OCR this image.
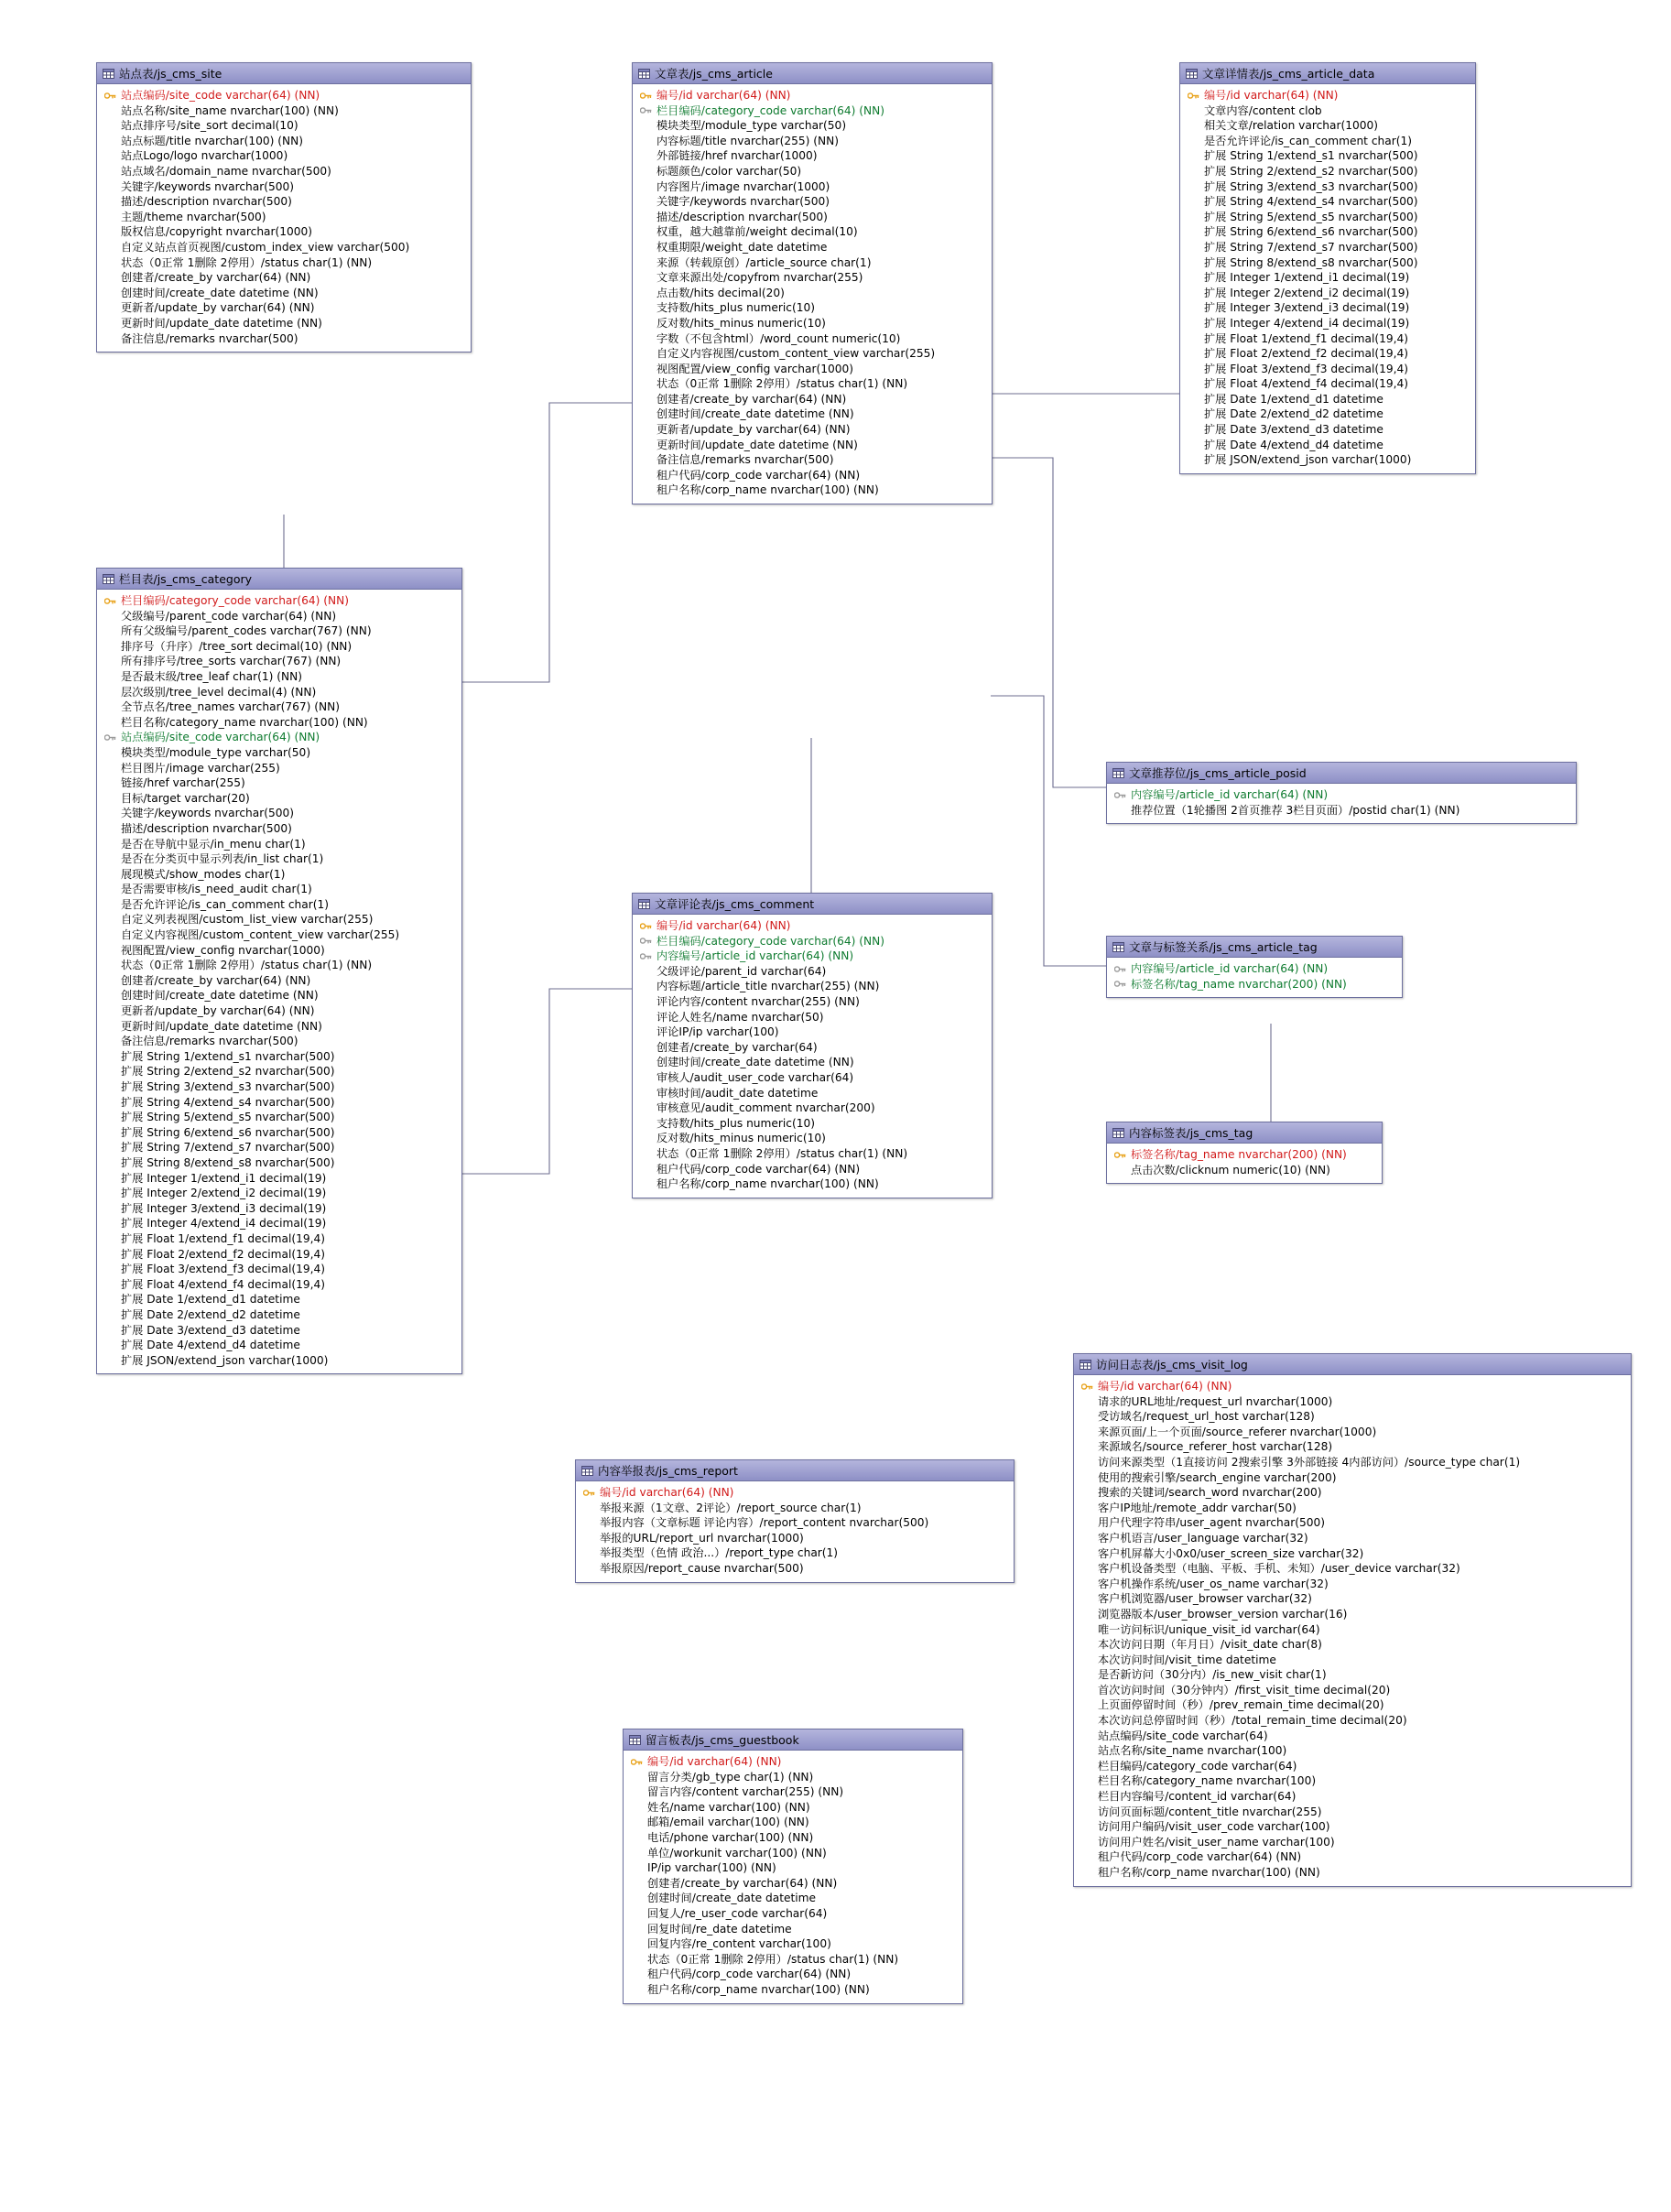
站点表/js_cms_site
站点编码/site_code varchar(64) (NN)
站点名称/site_name nvarchar(100) (NN)
站点排序号/site_sort decimal(10)
站点标题/title nvarchar(100) (NN)
站点Logo/logo nvarchar(1000)
站点域名/domain_name nvarchar(500)
关键字/keywords nvarchar(500)
描述/description nvarchar(500)
主题/theme nvarchar(500)
版权信息/copyright nvarchar(1000)
自定义站点首页视图/custom_index_view varchar(500)
状态（0正常 1删除 2停用）/status char(1) (NN)
创建者/create_by varchar(64) (NN)
创建时间/create_date datetime (NN)
更新者/update_by varchar(64) (NN)
更新时间/update_date datetime (NN)
备注信息/remarks nvarchar(500)
栏目表/js_cms_category
栏目编码/category_code varchar(64) (NN)
父级编号/parent_code varchar(64) (NN)
所有父级编号/parent_codes varchar(767) (NN)
排序号（升序）/tree_sort decimal(10) (NN)
所有排序号/tree_sorts varchar(767) (NN)
是否最末级/tree_leaf char(1) (NN)
层次级别/tree_level decimal(4) (NN)
全节点名/tree_names varchar(767) (NN)
栏目名称/category_name nvarchar(100) (NN)
站点编码/site_code varchar(64) (NN)
模块类型/module_type varchar(50)
栏目图片/image varchar(255)
链接/href varchar(255)
目标/target varchar(20)
关键字/keywords nvarchar(500)
描述/description nvarchar(500)
是否在导航中显示/in_menu char(1)
是否在分类页中显示列表/in_list char(1)
展现模式/show_modes char(1)
是否需要审核/is_need_audit char(1)
是否允许评论/is_can_comment char(1)
自定义列表视图/custom_list_view varchar(255)
自定义内容视图/custom_content_view varchar(255)
视图配置/view_config nvarchar(1000)
状态（0正常 1删除 2停用）/status char(1) (NN)
创建者/create_by varchar(64) (NN)
创建时间/create_date datetime (NN)
更新者/update_by varchar(64) (NN)
更新时间/update_date datetime (NN)
备注信息/remarks nvarchar(500)
扩展 String 1/extend_s1 nvarchar(500)
扩展 String 2/extend_s2 nvarchar(500)
扩展 String 3/extend_s3 nvarchar(500)
扩展 String 4/extend_s4 nvarchar(500)
扩展 String 5/extend_s5 nvarchar(500)
扩展 String 6/extend_s6 nvarchar(500)
扩展 String 7/extend_s7 nvarchar(500)
扩展 String 8/extend_s8 nvarchar(500)
扩展 Integer 1/extend_i1 decimal(19)
扩展 Integer 2/extend_i2 decimal(19)
扩展 Integer 3/extend_i3 decimal(19)
扩展 Integer 4/extend_i4 decimal(19)
扩展 Float 1/extend_f1 decimal(19,4)
扩展 Float 2/extend_f2 decimal(19,4)
扩展 Float 3/extend_f3 decimal(19,4)
扩展 Float 4/extend_f4 decimal(19,4)
扩展 Date 1/extend_d1 datetime
扩展 Date 2/extend_d2 datetime
扩展 Date 3/extend_d3 datetime
扩展 Date 4/extend_d4 datetime
扩展 JSON/extend_json varchar(1000)
文章表/js_cms_article
编号/id varchar(64) (NN)
栏目编码/category_code varchar(64) (NN)
模块类型/module_type varchar(50)
内容标题/title nvarchar(255) (NN)
外部链接/href nvarchar(1000)
标题颜色/color varchar(50)
内容图片/image nvarchar(1000)
关键字/keywords nvarchar(500)
描述/description nvarchar(500)
权重，越大越靠前/weight decimal(10)
权重期限/weight_date datetime
来源（转载原创）/article_source char(1)
文章来源出处/copyfrom nvarchar(255)
点击数/hits decimal(20)
支持数/hits_plus numeric(10)
反对数/hits_minus numeric(10)
字数（不包含html）/word_count numeric(10)
自定义内容视图/custom_content_view varchar(255)
视图配置/view_config varchar(1000)
状态（0正常 1删除 2停用）/status char(1) (NN)
创建者/create_by varchar(64) (NN)
创建时间/create_date datetime (NN)
更新者/update_by varchar(64) (NN)
更新时间/update_date datetime (NN)
备注信息/remarks nvarchar(500)
租户代码/corp_code varchar(64) (NN)
租户名称/corp_name nvarchar(100) (NN)
文章详情表/js_cms_article_data
编号/id varchar(64) (NN)
文章内容/content clob
相关文章/relation varchar(1000)
是否允许评论/is_can_comment char(1)
扩展 String 1/extend_s1 nvarchar(500)
扩展 String 2/extend_s2 nvarchar(500)
扩展 String 3/extend_s3 nvarchar(500)
扩展 String 4/extend_s4 nvarchar(500)
扩展 String 5/extend_s5 nvarchar(500)
扩展 String 6/extend_s6 nvarchar(500)
扩展 String 7/extend_s7 nvarchar(500)
扩展 String 8/extend_s8 nvarchar(500)
扩展 Integer 1/extend_i1 decimal(19)
扩展 Integer 2/extend_i2 decimal(19)
扩展 Integer 3/extend_i3 decimal(19)
扩展 Integer 4/extend_i4 decimal(19)
扩展 Float 1/extend_f1 decimal(19,4)
扩展 Float 2/extend_f2 decimal(19,4)
扩展 Float 3/extend_f3 decimal(19,4)
扩展 Float 4/extend_f4 decimal(19,4)
扩展 Date 1/extend_d1 datetime
扩展 Date 2/extend_d2 datetime
扩展 Date 3/extend_d3 datetime
扩展 Date 4/extend_d4 datetime
扩展 JSON/extend_json varchar(1000)
文章推荐位/js_cms_article_posid
内容编号/article_id varchar(64) (NN)
推荐位置（1轮播图 2首页推荐 3栏目页面）/postid char(1) (NN)
文章与标签关系/js_cms_article_tag
内容编号/article_id varchar(64) (NN)
标签名称/tag_name nvarchar(200) (NN)
内容标签表/js_cms_tag
标签名称/tag_name nvarchar(200) (NN)
点击次数/clicknum numeric(10) (NN)
文章评论表/js_cms_comment
编号/id varchar(64) (NN)
栏目编码/category_code varchar(64) (NN)
内容编号/article_id varchar(64) (NN)
父级评论/parent_id varchar(64)
内容标题/article_title nvarchar(255) (NN)
评论内容/content nvarchar(255) (NN)
评论人姓名/name nvarchar(50)
评论IP/ip varchar(100)
创建者/create_by varchar(64)
创建时间/create_date datetime (NN)
审核人/audit_user_code varchar(64)
审核时间/audit_date datetime
审核意见/audit_comment nvarchar(200)
支持数/hits_plus numeric(10)
反对数/hits_minus numeric(10)
状态（0正常 1删除 2停用）/status char(1) (NN)
租户代码/corp_code varchar(64) (NN)
租户名称/corp_name nvarchar(100) (NN)
内容举报表/js_cms_report
编号/id varchar(64) (NN)
举报来源（1文章、2评论）/report_source char(1)
举报内容（文章标题 评论内容）/report_content nvarchar(500)
举报的URL/report_url nvarchar(1000)
举报类型（色情 政治...）/report_type char(1)
举报原因/report_cause nvarchar(500)
留言板表/js_cms_guestbook
编号/id varchar(64) (NN)
留言分类/gb_type char(1) (NN)
留言内容/content varchar(255) (NN)
姓名/name varchar(100) (NN)
邮箱/email varchar(100) (NN)
电话/phone varchar(100) (NN)
单位/workunit varchar(100) (NN)
IP/ip varchar(100) (NN)
创建者/create_by varchar(64) (NN)
创建时间/create_date datetime
回复人/re_user_code varchar(64)
回复时间/re_date datetime
回复内容/re_content varchar(100)
状态（0正常 1删除 2停用）/status char(1) (NN)
租户代码/corp_code varchar(64) (NN)
租户名称/corp_name nvarchar(100) (NN)
访问日志表/js_cms_visit_log
编号/id varchar(64) (NN)
请求的URL地址/request_url nvarchar(1000)
受访域名/request_url_host varchar(128)
来源页面/上一个页面/source_referer nvarchar(1000)
来源域名/source_referer_host varchar(128)
访问来源类型（1直接访问 2搜索引擎 3外部链接 4内部访问）/source_type char(1)
使用的搜索引擎/search_engine varchar(200)
搜索的关键词/search_word nvarchar(200)
客户IP地址/remote_addr varchar(50)
用户代理字符串/user_agent nvarchar(500)
客户机语言/user_language varchar(32)
客户机屏幕大小0x0/user_screen_size varchar(32)
客户机设备类型（电脑、平板、手机、未知）/user_device varchar(32)
客户机操作系统/user_os_name varchar(32)
客户机浏览器/user_browser varchar(32)
浏览器版本/user_browser_version varchar(16)
唯一访问标识/unique_visit_id varchar(64)
本次访问日期（年月日）/visit_date char(8)
本次访问时间/visit_time datetime
是否新访问（30分内）/is_new_visit char(1)
首次访问时间（30分钟内）/first_visit_time decimal(20)
上页面停留时间（秒）/prev_remain_time decimal(20)
本次访问总停留时间（秒）/total_remain_time decimal(20)
站点编码/site_code varchar(64)
站点名称/site_name nvarchar(100)
栏目编码/category_code varchar(64)
栏目名称/category_name nvarchar(100)
栏目内容编号/content_id varchar(64)
访问页面标题/content_title nvarchar(255)
访问用户编码/visit_user_code varchar(100)
访问用户姓名/visit_user_name varchar(100)
租户代码/corp_code varchar(64) (NN)
租户名称/corp_name nvarchar(100) (NN)
